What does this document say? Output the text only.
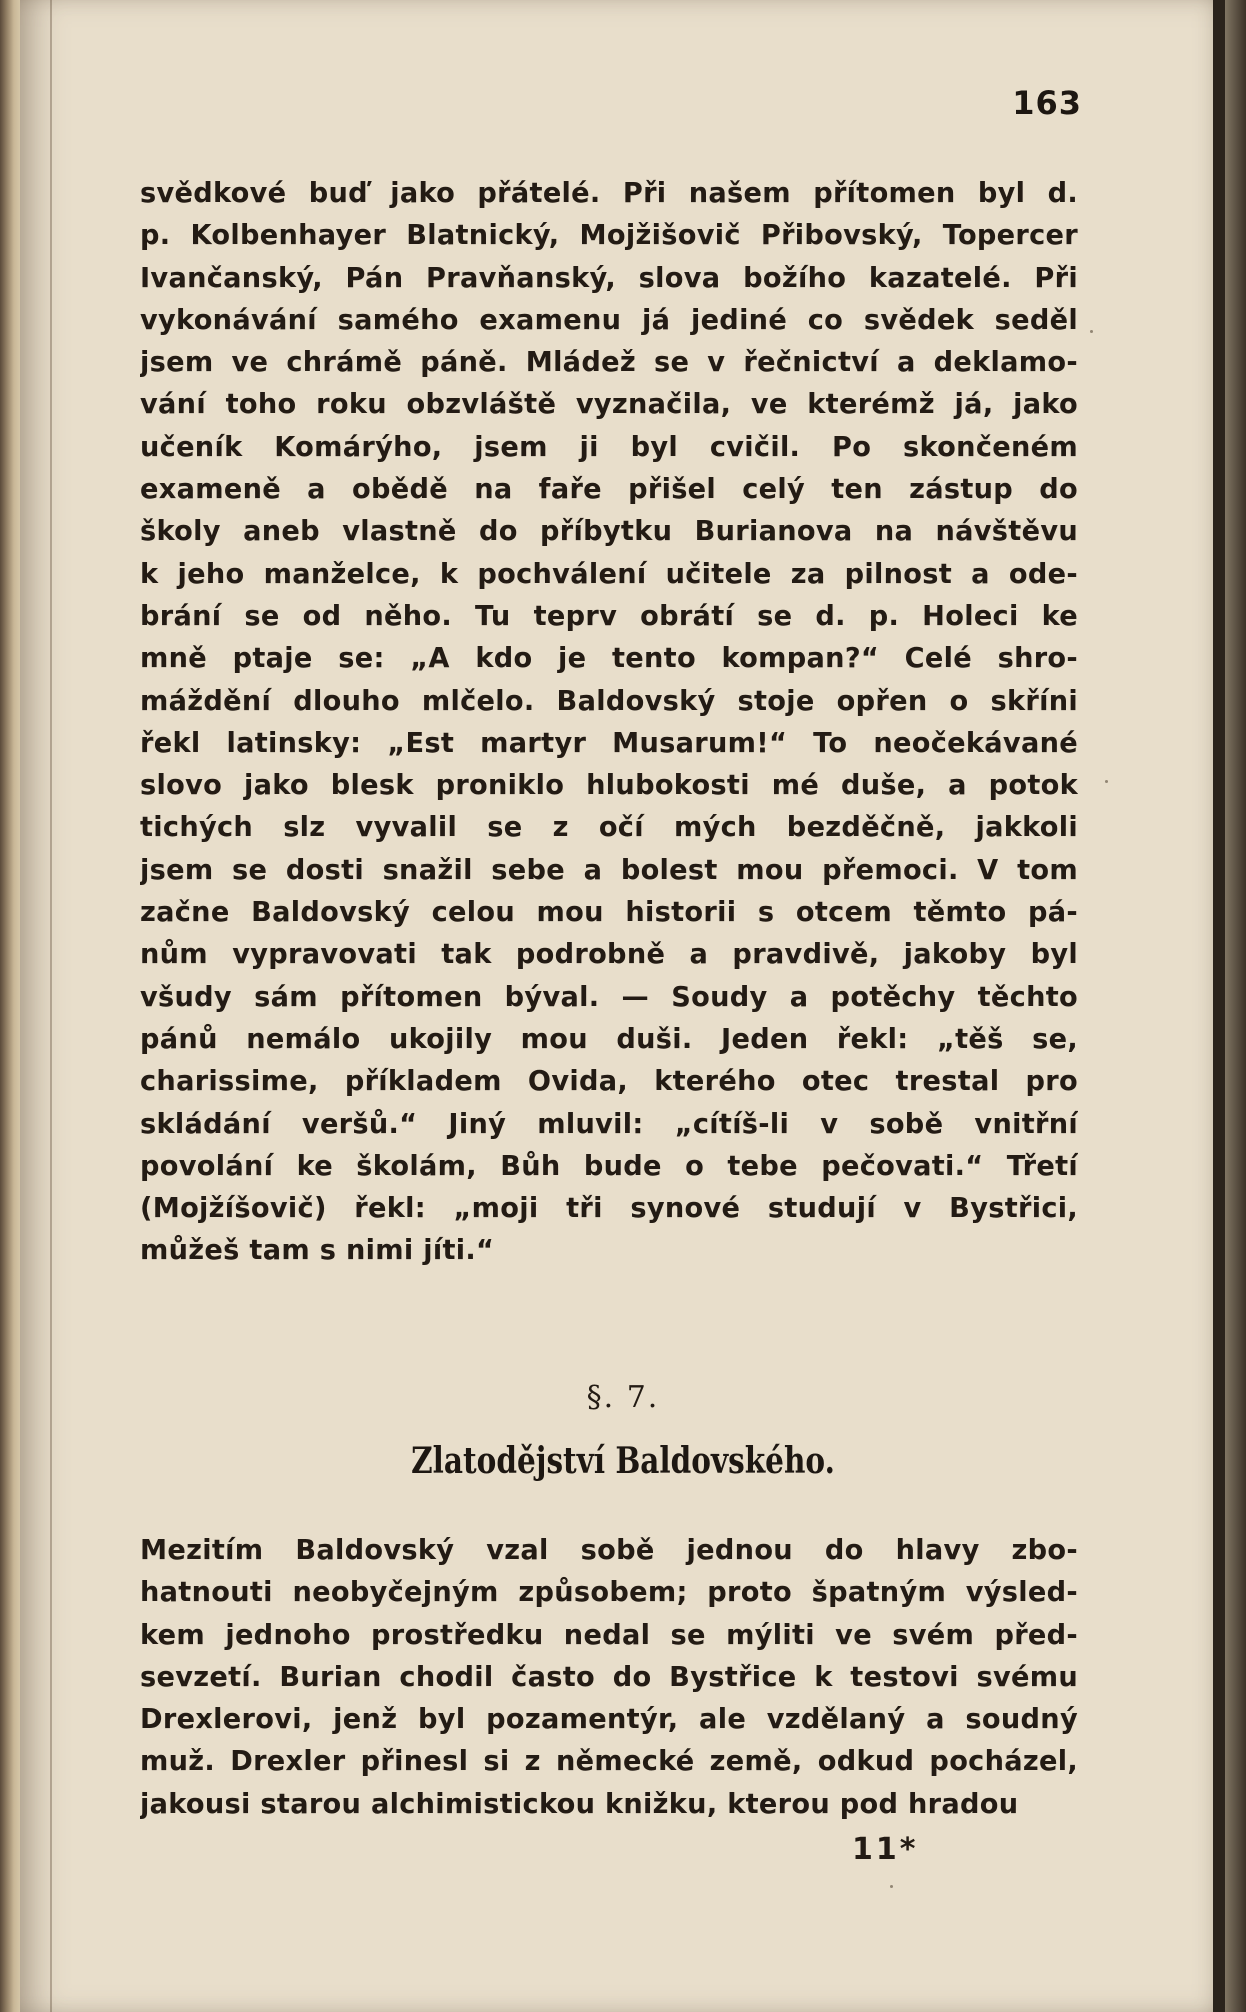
163
svědkové buď jako přátelé. Při našem přítomen byl d.
p. Kolbenhayer Blatnický, Mojžišovič Přibovský, Topercer
Ivančanský, Pán Pravňanský, slova božího kazatelé. Při
vykonávání samého examenu já jediné co svědek seděl
jsem ve chrámě páně. Mládež se v řečnictví a deklamo-
vání toho roku obzvláště vyznačila, ve kterémž já, jako
učeník Komárýho, jsem ji byl cvičil. Po skončeném
exameně a obědě na faře přišel celý ten zástup do
školy aneb vlastně do příbytku Burianova na návštěvu
k jeho manželce, k pochválení učitele za pilnost a ode-
brání se od něho. Tu teprv obrátí se d. p. Holeci ke
mně ptaje se: „A kdo je tento kompan?“ Celé shro-
máždění dlouho mlčelo. Baldovský stoje opřen o skříni
řekl latinsky: „Est martyr Musarum!“ To neočekávané
slovo jako blesk proniklo hlubokosti mé duše, a potok
tichých slz vyvalil se z očí mých bezděčně, jakkoli
jsem se dosti snažil sebe a bolest mou přemoci. V tom
začne Baldovský celou mou historii s otcem těmto pá-
nům vypravovati tak podrobně a pravdivě, jakoby byl
všudy sám přítomen býval. — Soudy a potěchy těchto
pánů nemálo ukojily mou duši. Jeden řekl: „těš se,
charissime, příkladem Ovida, kterého otec trestal pro
skládání veršů.“ Jiný mluvil: „cítíš-li v sobě vnitřní
povolání ke školám, Bůh bude o tebe pečovati.“ Třetí
(Mojžíšovič) řekl: „moji tři synové studují v Bystřici,
můžeš tam s nimi jíti.“
§. 7.
Zlatodějství Baldovského.
Mezitím Baldovský vzal sobě jednou do hlavy zbo-
hatnouti neobyčejným způsobem; proto špatným výsled-
kem jednoho prostředku nedal se mýliti ve svém před-
sevzetí. Burian chodil často do Bystřice k testovi svému
Drexlerovi, jenž byl pozamentýr, ale vzdělaný a soudný
muž. Drexler přinesl si z německé země, odkud pocházel,
jakousi starou alchimistickou knižku, kterou pod hradou
11*
